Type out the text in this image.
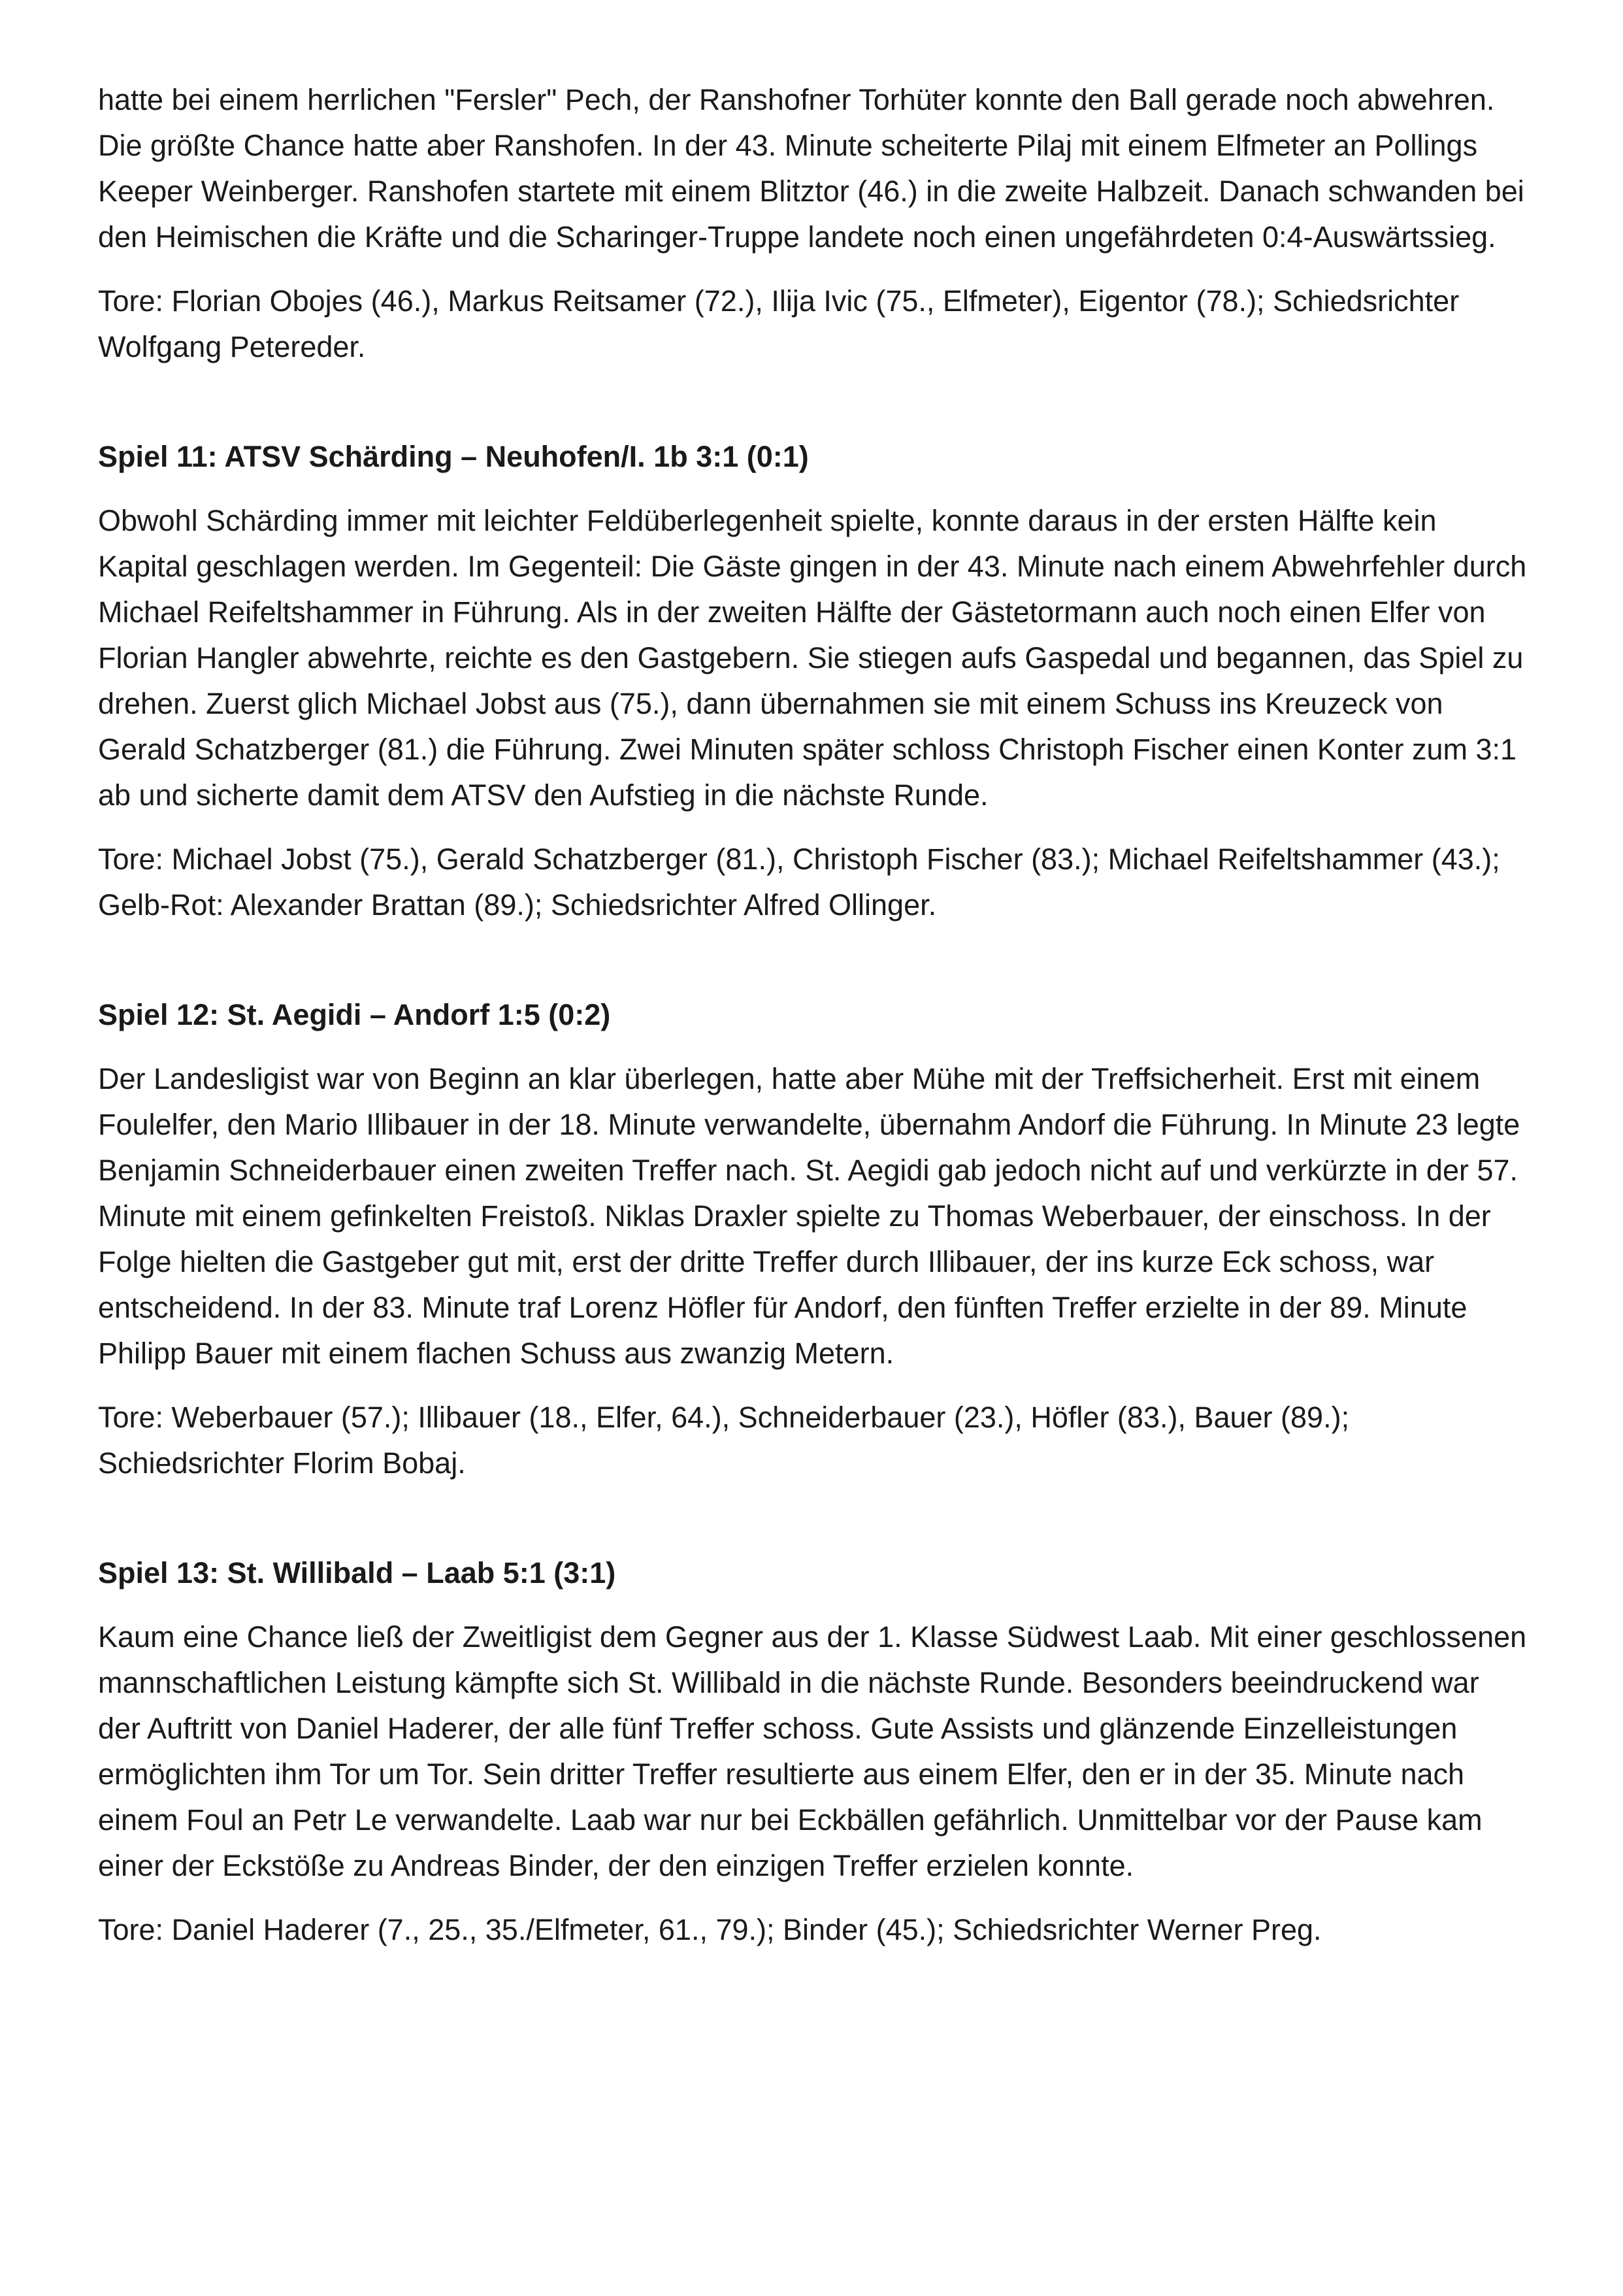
hatte bei einem herrlichen "Fersler" Pech, der Ranshofner Torhüter konnte den Ball gerade noch abwehren. Die größte Chance hatte aber Ranshofen. In der 43. Minute scheiterte Pilaj mit einem Elfmeter an Pollings Keeper Weinberger. Ranshofen startete mit einem Blitztor (46.) in die zweite Halbzeit. Danach schwanden bei den Heimischen die Kräfte und die Scharinger-Truppe landete noch einen ungefährdeten 0:4-Auswärtssieg.

Tore: Florian Obojes (46.), Markus Reitsamer (72.), Ilija Ivic (75., Elfmeter), Eigentor (78.); Schiedsrichter Wolfgang Petereder.

Spiel 11: ATSV Schärding – Neuhofen/I. 1b 3:1 (0:1)

Obwohl Schärding immer mit leichter Feldüberlegenheit spielte, konnte daraus in der ersten Hälfte kein Kapital geschlagen werden. Im Gegenteil: Die Gäste gingen in der 43. Minute nach einem Abwehrfehler durch Michael Reifeltshammer in Führung. Als in der zweiten Hälfte der Gästetormann auch noch einen Elfer von Florian Hangler abwehrte, reichte es den Gastgebern. Sie stiegen aufs Gaspedal und begannen, das Spiel zu drehen. Zuerst glich Michael Jobst aus (75.), dann übernahmen sie mit einem Schuss ins Kreuzeck von Gerald Schatzberger (81.) die Führung. Zwei Minuten später schloss Christoph Fischer einen Konter zum 3:1 ab und sicherte damit dem ATSV den Aufstieg in die nächste Runde.

Tore: Michael Jobst (75.), Gerald Schatzberger (81.), Christoph Fischer (83.); Michael Reifeltshammer (43.); Gelb-Rot: Alexander Brattan (89.); Schiedsrichter Alfred Ollinger.

Spiel 12: St. Aegidi – Andorf 1:5 (0:2)

Der Landesligist war von Beginn an klar überlegen, hatte aber Mühe mit der Treffsicherheit. Erst mit einem Foulelfer, den Mario Illibauer in der 18. Minute verwandelte, übernahm Andorf die Führung. In Minute 23 legte Benjamin Schneiderbauer einen zweiten Treffer nach. St. Aegidi gab jedoch nicht auf und verkürzte in der 57. Minute mit einem gefinkelten Freistoß. Niklas Draxler spielte zu Thomas Weberbauer, der einschoss. In der Folge hielten die Gastgeber gut mit, erst der dritte Treffer durch Illibauer, der ins kurze Eck schoss, war entscheidend. In der 83. Minute traf Lorenz Höfler für Andorf, den fünften Treffer erzielte in der 89. Minute Philipp Bauer mit einem flachen Schuss aus zwanzig Metern.

Tore: Weberbauer (57.); Illibauer (18., Elfer, 64.), Schneiderbauer (23.), Höfler (83.), Bauer (89.); Schiedsrichter Florim Bobaj.

Spiel 13: St. Willibald – Laab 5:1 (3:1)

Kaum eine Chance ließ der Zweitligist dem Gegner aus der 1. Klasse Südwest Laab. Mit einer geschlossenen mannschaftlichen Leistung kämpfte sich St. Willibald in die nächste Runde. Besonders beeindruckend war der Auftritt von Daniel Haderer, der alle fünf Treffer schoss. Gute Assists und glänzende Einzelleistungen ermöglichten ihm Tor um Tor. Sein dritter Treffer resultierte aus einem Elfer, den er in der 35. Minute nach einem Foul an Petr Le verwandelte. Laab war nur bei Eckbällen gefährlich. Unmittelbar vor der Pause kam einer der Eckstöße zu Andreas Binder, der den einzigen Treffer erzielen konnte.

Tore: Daniel Haderer (7., 25., 35./Elfmeter, 61., 79.); Binder (45.); Schiedsrichter Werner Preg.
